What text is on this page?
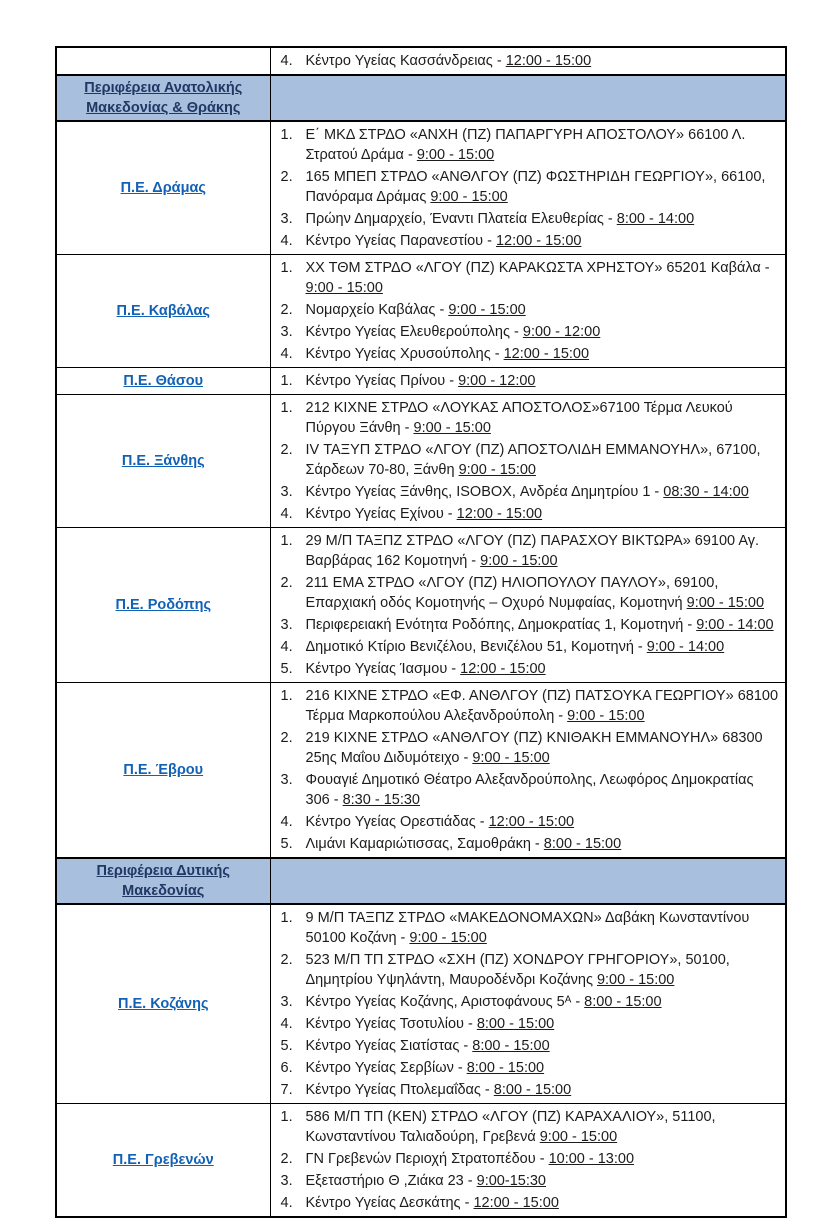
	4. Κέντρο Υγείας Κασσάνδρειας - 12:00 - 15:00

Περιφέρεια Ανατολικής Μακεδονίας & Θράκης	
Π.Ε. Δράμας	
1. Ε΄ ΜΚΔ ΣΤΡΔΟ «ΑΝΧΗ (ΠΖ) ΠΑΠΑΡΓΥΡΗ ΑΠΟΣΤΟΛΟΥ» 66100 Λ. Στρατού Δράμα - 9:00 - 15:00
2. 165 ΜΠΕΠ ΣΤΡΔΟ «ΑΝΘΛΓΟΥ (ΠΖ) ΦΩΣΤΗΡΙΔΗ ΓΕΩΡΓΙΟΥ», 66100, Πανόραμα Δράμας 9:00 - 15:00
3. Πρώην Δημαρχείο, Έναντι Πλατεία Ελευθερίας - 8:00 - 14:00
4. Κέντρο Υγείας Παρανεστίου - 12:00 - 15:00

Π.Ε. Καβάλας	
1. ΧΧ ΤΘΜ ΣΤΡΔΟ «ΛΓΟΥ (ΠΖ) ΚΑΡΑΚΩΣΤΑ ΧΡΗΣΤΟΥ» 65201 Καβάλα - 9:00 - 15:00
2. Νομαρχείο Καβάλας - 9:00 - 15:00
3. Κέντρο Υγείας Ελευθερούπολης - 9:00 - 12:00
4. Κέντρο Υγείας Χρυσούπολης - 12:00 - 15:00

Π.Ε. Θάσου	1. Κέντρο Υγείας Πρίνου - 9:00 - 12:00

Π.Ε. Ξάνθης	
1. 212 ΚΙΧΝΕ ΣΤΡΔΟ «ΛΟΥΚΑΣ ΑΠΟΣΤΟΛΟΣ»67100 Τέρμα Λευκού Πύργου Ξάνθη - 9:00 - 15:00
2. IV ΤΑΞΥΠ ΣΤΡΔΟ «ΛΓΟΥ (ΠΖ) ΑΠΟΣΤΟΛΙΔΗ ΕΜΜΑΝΟΥΗΛ», 67100, Σάρδεων 70-80, Ξάνθη 9:00 - 15:00
3. Κέντρο Υγείας Ξάνθης, ISOBOX, Ανδρέα Δημητρίου 1 - 08:30 - 14:00
4. Κέντρο Υγείας Εχίνου - 12:00 - 15:00

Π.Ε. Ροδόπης	
1. 29 Μ/Π ΤΑΞΠΖ ΣΤΡΔΟ «ΛΓΟΥ (ΠΖ) ΠΑΡΑΣΧΟΥ ΒΙΚΤΩΡΑ» 69100 Αγ. Βαρβάρας 162 Κομοτηνή - 9:00 - 15:00
2. 211 ΕΜΑ ΣΤΡΔΟ «ΛΓΟΥ (ΠΖ) ΗΛΙΟΠΟΥΛΟΥ ΠΑΥΛΟΥ», 69100, Επαρχιακή οδός Κομοτηνής – Οχυρό Νυμφαίας, Κομοτηνή 9:00 - 15:00
3. Περιφερειακή Ενότητα Ροδόπης, Δημοκρατίας 1, Κομοτηνή - 9:00 - 14:00
4. Δημοτικό Κτίριο Βενιζέλου, Βενιζέλου 51, Κομοτηνή - 9:00 - 14:00
5. Κέντρο Υγείας Ίασμου - 12:00 - 15:00

Π.Ε. Έβρου	
1. 216 ΚΙΧΝΕ ΣΤΡΔΟ «ΕΦ. ΑΝΘΛΓΟΥ (ΠΖ) ΠΑΤΣΟΥΚΑ ΓΕΩΡΓΙΟΥ» 68100 Τέρμα Μαρκοπούλου Αλεξανδρούπολη - 9:00 - 15:00
2. 219 ΚΙΧΝΕ ΣΤΡΔΟ «ΑΝΘΛΓΟΥ (ΠΖ) ΚΝΙΘΑΚΗ ΕΜΜΑΝΟΥΗΛ» 68300 25ης Μαΐου Διδυμότειχο - 9:00 - 15:00
3. Φουαγιέ Δημοτικό Θέατρο Αλεξανδρούπολης, Λεωφόρος Δημοκρατίας 306 - 8:30 - 15:30
4. Κέντρο Υγείας Ορεστιάδας - 12:00 - 15:00
5. Λιμάνι Καμαριώτισσας, Σαμοθράκη - 8:00 - 15:00

Περιφέρεια Δυτικής Μακεδονίας	
Π.Ε. Κοζάνης	
1. 9 Μ/Π ΤΑΞΠΖ ΣΤΡΔΟ «ΜΑΚΕΔΟΝΟΜΑΧΩΝ» Δαβάκη Κωνσταντίνου 50100 Κοζάνη - 9:00 - 15:00
2. 523 Μ/Π ΤΠ ΣΤΡΔΟ «ΣΧΗ (ΠΖ) ΧΟΝΔΡΟΥ ΓΡΗΓΟΡΙΟΥ», 50100, Δημητρίου Υψηλάντη, Μαυροδένδρι Κοζάνης 9:00 - 15:00
3. Κέντρο Υγείας Κοζάνης, Αριστοφάνους 5ᴬ - 8:00 - 15:00
4. Κέντρο Υγείας Τσοτυλίου - 8:00 - 15:00
5. Κέντρο Υγείας Σιατίστας - 8:00 - 15:00
6. Κέντρο Υγείας Σερβίων - 8:00 - 15:00
7. Κέντρο Υγείας Πτολεμαΐδας - 8:00 - 15:00

Π.Ε. Γρεβενών	
1. 586 Μ/Π ΤΠ (ΚΕΝ) ΣΤΡΔΟ «ΛΓΟΥ (ΠΖ) ΚΑΡΑΧΑΛΙΟΥ», 51100, Κωνσταντίνου Ταλιαδούρη, Γρεβενά 9:00 - 15:00
2. ΓΝ Γρεβενών Περιοχή Στρατοπέδου - 10:00 - 13:00
3. Εξεταστήριο Θ ,Ζιάκα 23 - 9:00-15:30
4. Κέντρο Υγείας Δεσκάτης - 12:00 - 15:00
